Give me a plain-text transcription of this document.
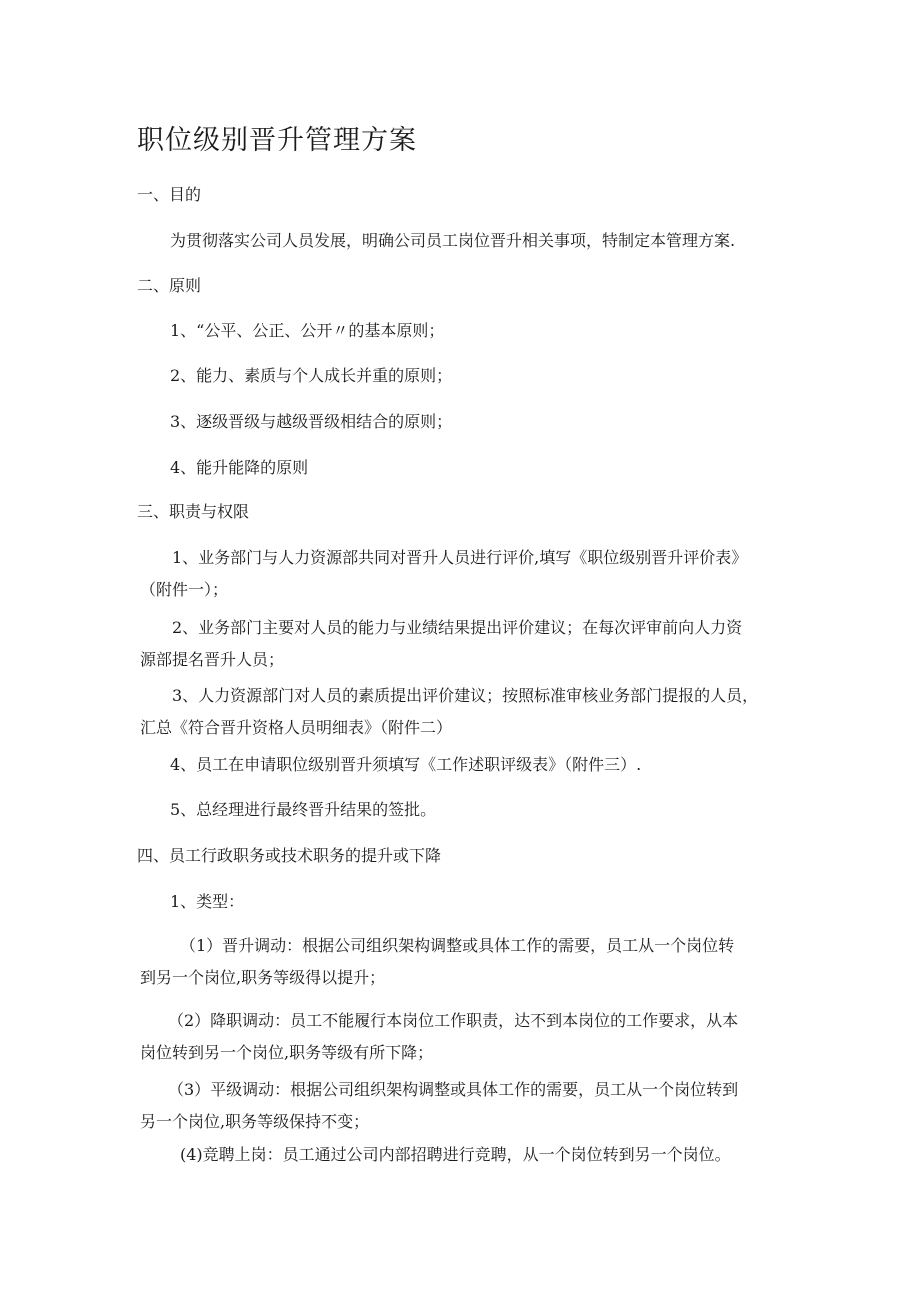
职位级别晋升管理方案
一、目的
为贯彻落实公司人员发展，明确公司员工岗位晋升相关事项，特制定本管理方案.
二、原则
1、“公平、公正、公开〃的基本原则；
2、能力、素质与个人成长并重的原则；
3、逐级晋级与越级晋级相结合的原则；
4、能升能降的原则
三、职责与权限
1、业务部门与人力资源部共同对晋升人员进行评价,填写《职位级别晋升评价表》
（附件一）；
2、业务部门主要对人员的能力与业绩结果提出评价建议；在每次评审前向人力资
源部提名晋升人员；
3、人力资源部门对人员的素质提出评价建议；按照标准审核业务部门提报的人员，
汇总《符合晋升资格人员明细表》（附件二）
4、员工在申请职位级别晋升须填写《工作述职评级表》（附件三）.
5、总经理进行最终晋升结果的签批。
四、员工行政职务或技术职务的提升或下降
1、类型：
（1）晋升调动：根据公司组织架构调整或具体工作的需要，员工从一个岗位转
到另一个岗位,职务等级得以提升；
（2）降职调动：员工不能履行本岗位工作职责，达不到本岗位的工作要求，从本
岗位转到另一个岗位,职务等级有所下降；
（3）平级调动：根据公司组织架构调整或具体工作的需要，员工从一个岗位转到
另一个岗位,职务等级保持不变；
(4)竞聘上岗：员工通过公司内部招聘进行竞聘，从一个岗位转到另一个岗位。
